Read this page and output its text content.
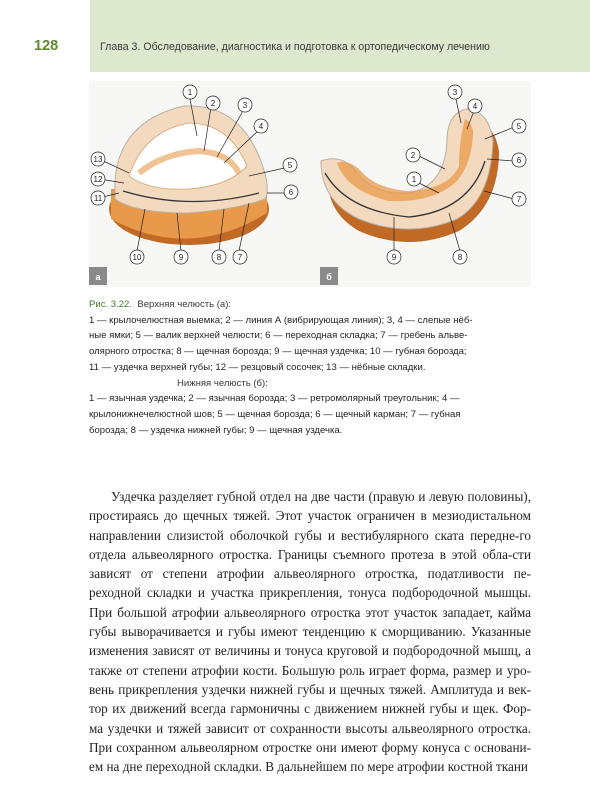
128	Глава 3. Обследование, диагностика и подготовка к ортопедическому лечению
1
2	3
4
5
6
7
8
9
10
11
12
13
а
1
2
3
4
5
6
7
8
9
б
Рис. 3.22. Верхняя челюсть (а):
1 — крылочелюстная выемка; 2 — линия А (вибрирующая линия); 3, 4 — слепые нёб-
ные ямки; 5 — валик верхней челюсти; 6 — переходная складка; 7 — гребень альве-
олярного отростка; 8 — щечная борозда; 9 — щечная уздечка; 10 — губная борозда;
11 — уздечка верхней губы; 12 — резцовый сосочек; 13 — нёбные складки.
Нижняя челюсть (б):
1 — язычная уздечка; 2 — язычная борозда; 3 — ретромолярный треугольник; 4 —
крылонижнечелюстной шов; 5 — щечная борозда; 6 — щечный карман; 7 — губная
борозда; 8 — уздечка нижней губы; 9 — щечная уздечка.
Уздечка разделяет губной отдел на две части (правую и левую половины), простираясь до щечных тяжей. Этот участок ограничен в мезиодистальном направлении слизистой оболочкой губы и вестибулярного ската передне-го отдела альвеолярного отростка. Границы съемного протеза в этой обла-сти зависят от степени атрофии альвеолярного отростка, податливости пе-реходной складки и участка прикрепления, тонуса подбородочной мышцы. При большой атрофии альвеолярного отростка этот участок западает, кайма губы выворачивается и губы имеют тенденцию к сморщиванию. Указанные изменения зависят от величины и тонуса круговой и подбородочной мышц, а также от степени атрофии кости. Большую роль играет форма, размер и уро-вень прикрепления уздечки нижней губы и щечных тяжей. Амплитуда и век-тор их движений всегда гармоничны с движением нижней губы и щек. Фор-ма уздечки и тяжей зависит от сохранности высоты альвеолярного отростка. При сохранном альвеолярном отростке они имеют форму конуса с основани-ем на дне переходной складки. В дальнейшем по мере атрофии костной ткани
